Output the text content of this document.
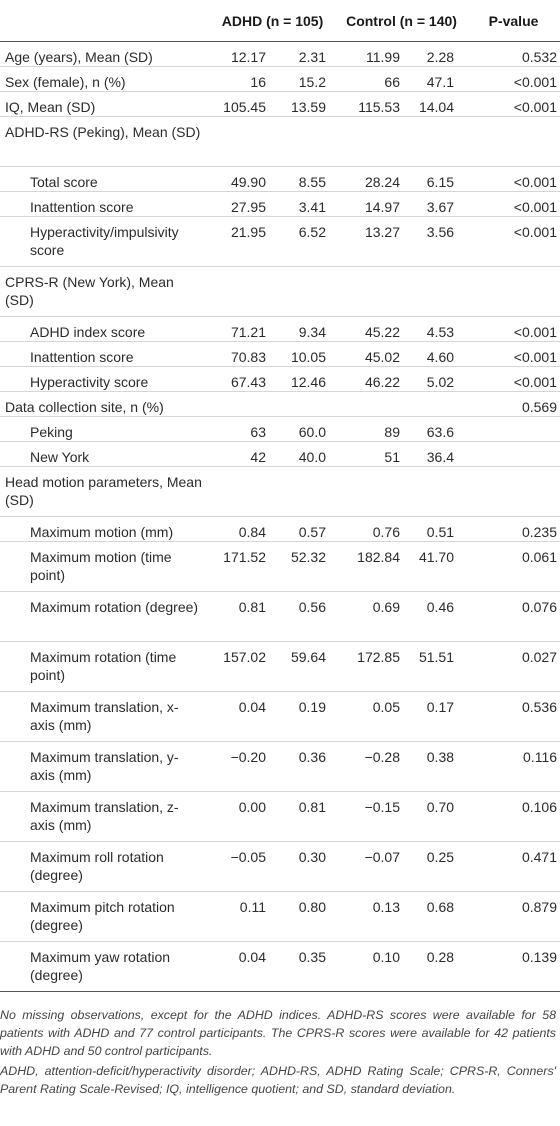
	ADHD (n = 105)		Control (n = 140)		P-value
Age (years), Mean (SD)	12.17	2.31	11.99	2.28	0.532
Sex (female), n (%)	16	15.2	66	47.1	<0.001
IQ, Mean (SD)	105.45	13.59	115.53	14.04	<0.001
ADHD-RS (Peking), Mean (SD)					
Total score	49.90	8.55	28.24	6.15	<0.001
Inattention score	27.95	3.41	14.97	3.67	<0.001
Hyperactivity/impulsivity score	21.95	6.52	13.27	3.56	<0.001
CPRS-R (New York), Mean (SD)					
ADHD index score	71.21	9.34	45.22	4.53	<0.001
Inattention score	70.83	10.05	45.02	4.60	<0.001
Hyperactivity score	67.43	12.46	46.22	5.02	<0.001
Data collection site, n (%)					0.569
Peking	63	60.0	89	63.6	
New York	42	40.0	51	36.4	
Head motion parameters, Mean (SD)					
Maximum motion (mm)	0.84	0.57	0.76	0.51	0.235
Maximum motion (time point)	171.52	52.32	182.84	41.70	0.061
Maximum rotation (degree)	0.81	0.56	0.69	0.46	0.076
Maximum rotation (time point)	157.02	59.64	172.85	51.51	0.027
Maximum translation, x-axis (mm)	0.04	0.19	0.05	0.17	0.536
Maximum translation, y-axis (mm)	−0.20	0.36	−0.28	0.38	0.116
Maximum translation, z-axis (mm)	0.00	0.81	−0.15	0.70	0.106
Maximum roll rotation (degree)	−0.05	0.30	−0.07	0.25	0.471
Maximum pitch rotation (degree)	0.11	0.80	0.13	0.68	0.879
Maximum yaw rotation (degree)	0.04	0.35	0.10	0.28	0.139

No missing observations, except for the ADHD indices. ADHD-RS scores were available for 58 patients with ADHD and 77 control participants. The CPRS-R scores were available for 42 patients with ADHD and 50 control participants.

ADHD, attention-deficit/hyperactivity disorder; ADHD-RS, ADHD Rating Scale; CPRS-R, Conners' Parent Rating Scale-Revised; IQ, intelligence quotient; and SD, standard deviation.
